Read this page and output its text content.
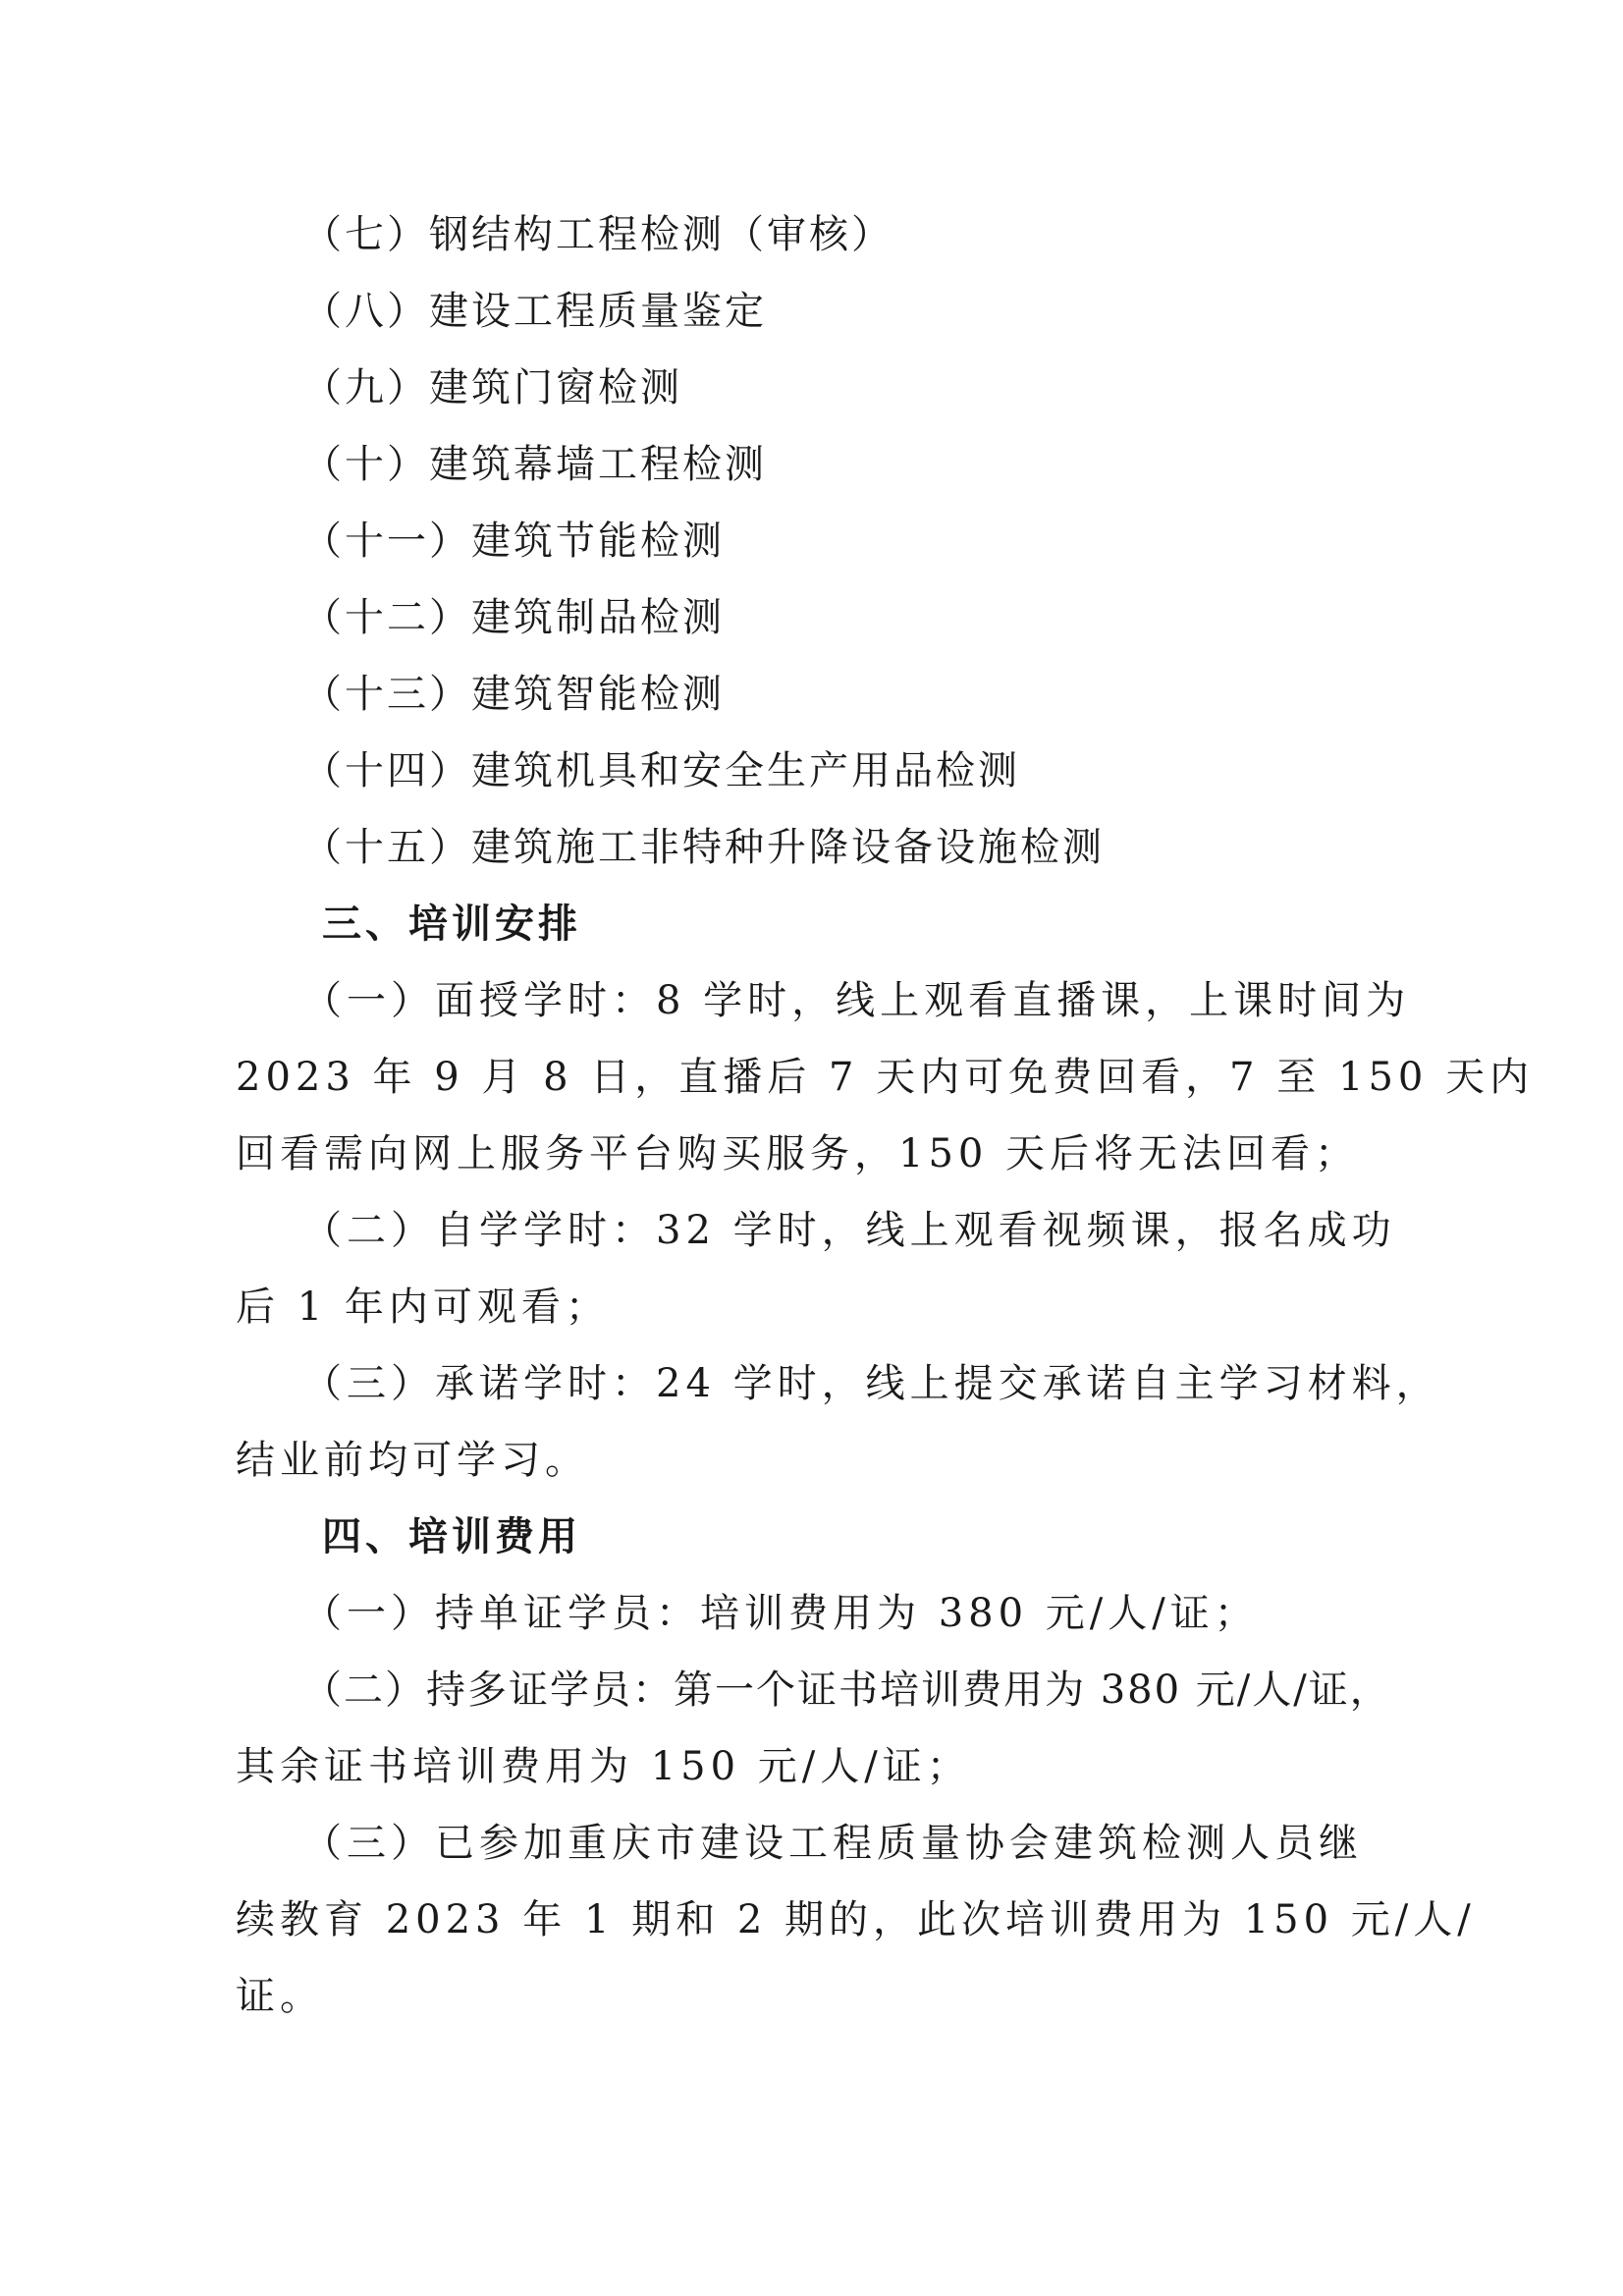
（七）钢结构工程检测（审核）
（八）建设工程质量鉴定
（九）建筑门窗检测
（十）建筑幕墙工程检测
（十一）建筑节能检测
（十二）建筑制品检测
（十三）建筑智能检测
（十四）建筑机具和安全生产用品检测
（十五）建筑施工非特种升降设备设施检测
三、培训安排
（一）面授学时：8 学时，线上观看直播课，上课时间为
2023 年 9 月 8 日，直播后 7 天内可免费回看，7 至 150 天内
回看需向网上服务平台购买服务，150 天后将无法回看；
（二）自学学时：32 学时，线上观看视频课，报名成功
后 1 年内可观看；
（三）承诺学时：24 学时，线上提交承诺自主学习材料，
结业前均可学习。
四、培训费用
（一）持单证学员：培训费用为 380 元/人/证；
（二）持多证学员：第一个证书培训费用为 380 元/人/证，
其余证书培训费用为 150 元/人/证；
（三）已参加重庆市建设工程质量协会建筑检测人员继
续教育 2023 年 1 期和 2 期的，此次培训费用为 150 元/人/
证。
